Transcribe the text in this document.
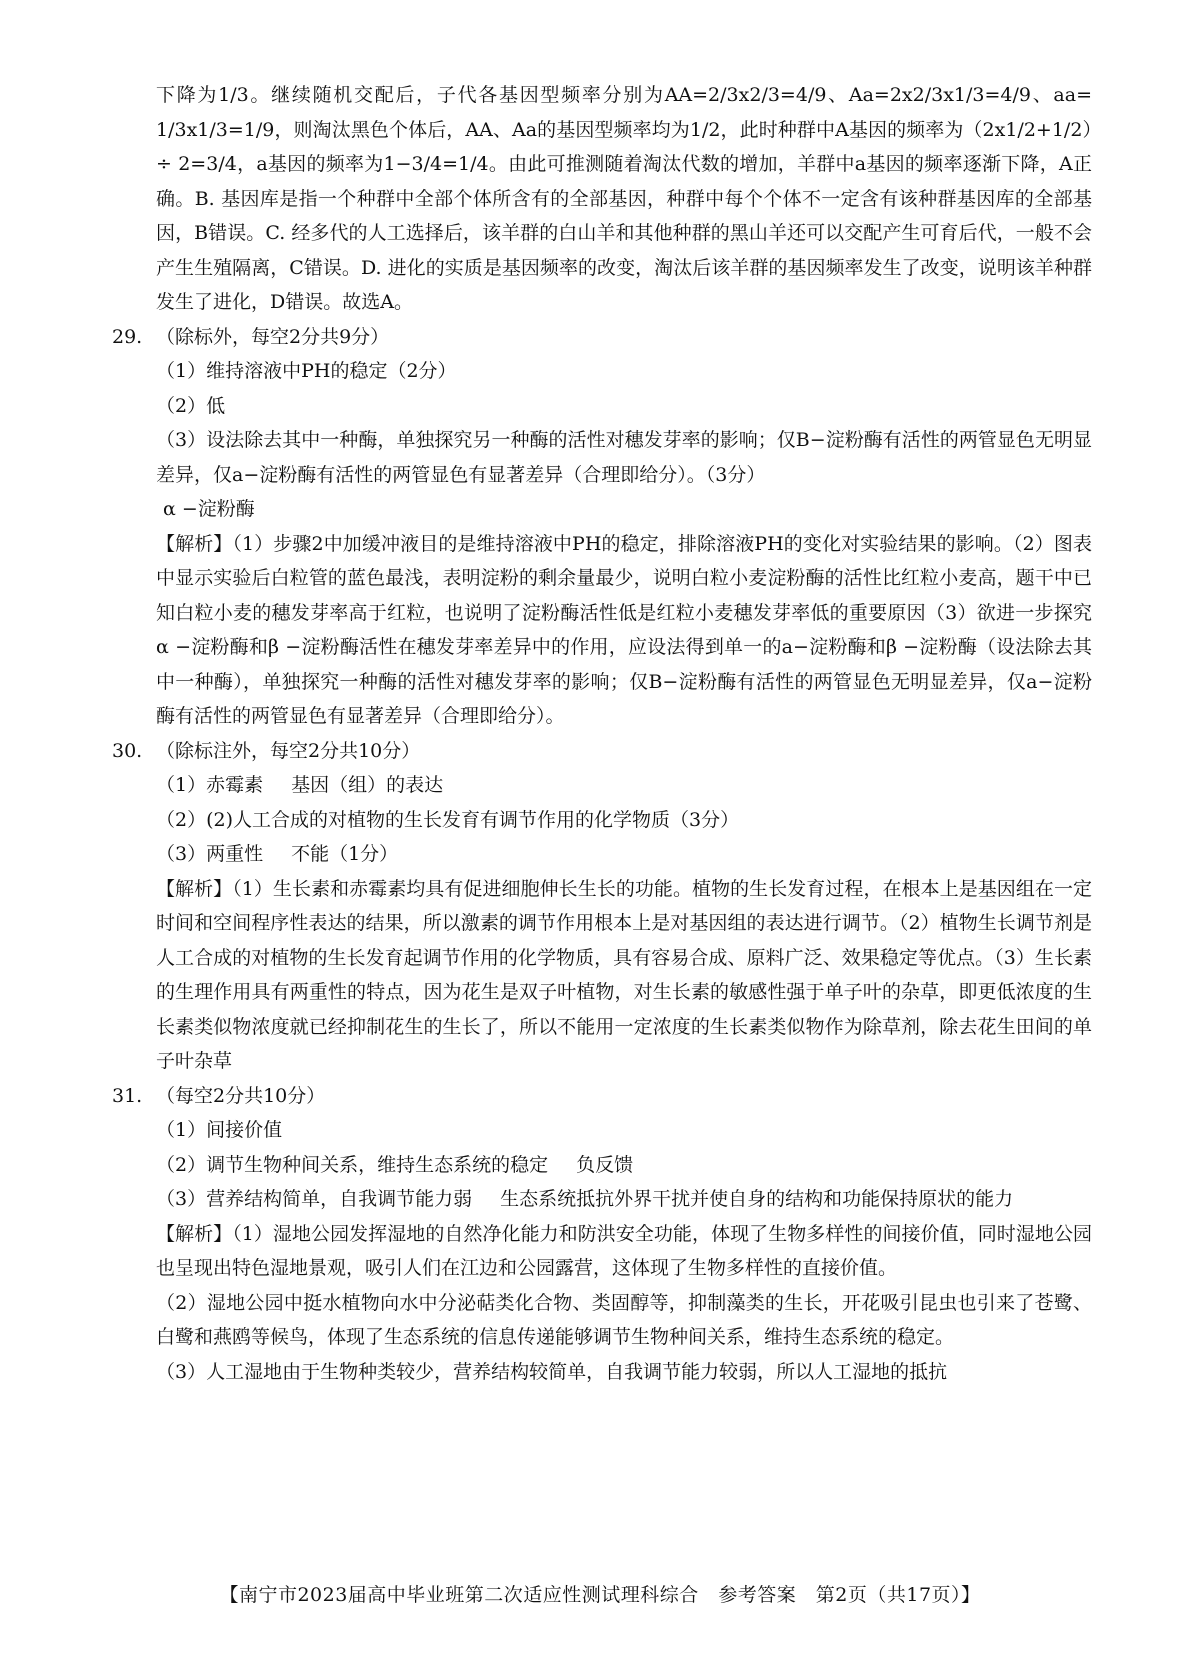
下降为1/3。继续随机交配后，子代各基因型频率分别为AA=2/3x2/3=4/9、Aa=2x2/3x1/3=4/9、aa= 1/3x1/3=1/9，则淘汰黑色个体后，AA、Aa的基因型频率均为1/2，此时种群中A基因的频率为（2x1/2+1/2）÷ 2=3/4，a基因的频率为1−3/4=1/4。由此可推测随着淘汰代数的增加，羊群中a基因的频率逐渐下降，A正确。B. 基因库是指一个种群中全部个体所含有的全部基因，种群中每个个体不一定含有该种群基因库的全部基因，B错误。C. 经多代的人工选择后，该羊群的白山羊和其他种群的黑山羊还可以交配产生可育后代，一般不会产生生殖隔离，C错误。D. 进化的实质是基因频率的改变，淘汰后该羊群的基因频率发生了改变，说明该羊种群发生了进化，D错误。故选A。

29. （除标外，每空2分共9分）

（1）维持溶液中PH的稳定（2分）

（2）低

（3）设法除去其中一种酶，单独探究另一种酶的活性对穗发芽率的影响；仅B−淀粉酶有活性的两管显色无明显差异，仅a−淀粉酶有活性的两管显色有显著差异（合理即给分）。（3分）

α −淀粉酶

【解析】（1）步骤2中加缓冲液目的是维持溶液中PH的稳定，排除溶液PH的变化对实验结果的影响。（2）图表中显示实验后白粒管的蓝色最浅，表明淀粉的剩余量最少，说明白粒小麦淀粉酶的活性比红粒小麦高，题干中已知白粒小麦的穗发芽率高于红粒，也说明了淀粉酶活性低是红粒小麦穗发芽率低的重要原因（3）欲进一步探究α −淀粉酶和β −淀粉酶活性在穗发芽率差异中的作用，应设法得到单一的a−淀粉酶和β −淀粉酶（设法除去其中一种酶），单独探究一种酶的活性对穗发芽率的影响；仅B−淀粉酶有活性的两管显色无明显差异，仅a−淀粉酶有活性的两管显色有显著差异（合理即给分）。

30. （除标注外，每空2分共10分）

（1）赤霉素 基因（组）的表达

（2）(2)人工合成的对植物的生长发育有调节作用的化学物质（3分）

（3）两重性 不能（1分）

【解析】（1）生长素和赤霉素均具有促进细胞伸长生长的功能。植物的生长发育过程，在根本上是基因组在一定时间和空间程序性表达的结果，所以激素的调节作用根本上是对基因组的表达进行调节。（2）植物生长调节剂是人工合成的对植物的生长发育起调节作用的化学物质，具有容易合成、原料广泛、效果稳定等优点。（3）生长素的生理作用具有两重性的特点，因为花生是双子叶植物，对生长素的敏感性强于单子叶的杂草，即更低浓度的生长素类似物浓度就已经抑制花生的生长了，所以不能用一定浓度的生长素类似物作为除草剂，除去花生田间的单子叶杂草

31. （每空2分共10分）

（1）间接价值

（2）调节生物种间关系，维持生态系统的稳定 负反馈

（3）营养结构简单，自我调节能力弱 生态系统抵抗外界干扰并使自身的结构和功能保持原状的能力

【解析】（1）湿地公园发挥湿地的自然净化能力和防洪安全功能，体现了生物多样性的间接价值，同时湿地公园也呈现出特色湿地景观，吸引人们在江边和公园露营，这体现了生物多样性的直接价值。

（2）湿地公园中挺水植物向水中分泌萜类化合物、类固醇等，抑制藻类的生长，开花吸引昆虫也引来了苍鹭、白鹭和燕鸥等候鸟，体现了生态系统的信息传递能够调节生物种间关系，维持生态系统的稳定。

（3）人工湿地由于生物种类较少，营养结构较简单，自我调节能力较弱，所以人工湿地的抵抗

【南宁市2023届高中毕业班第二次适应性测试理科综合　参考答案　第2页（共17页）】
